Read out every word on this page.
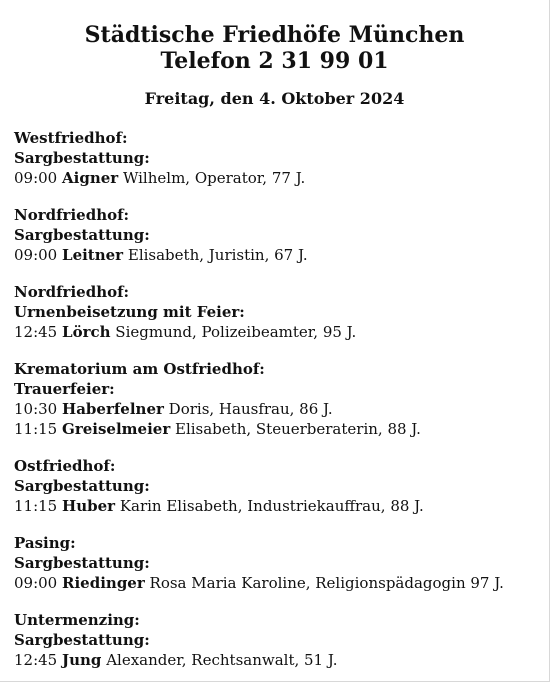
Städtische Friedhöfe München
Telefon 2 31 99 01
Freitag, den 4. Oktober 2024
Westfriedhof:
Sargbestattung:
09:00 Aigner Wilhelm, Operator, 77 J.
Nordfriedhof:
Sargbestattung:
09:00 Leitner Elisabeth, Juristin, 67 J.
Nordfriedhof:
Urnenbeisetzung mit Feier:
12:45 Lörch Siegmund, Polizeibeamter, 95 J.
Krematorium am Ostfriedhof:
Trauerfeier:
10:30 Haberfelner Doris, Hausfrau, 86 J.
11:15 Greiselmeier Elisabeth, Steuerberaterin, 88 J.
Ostfriedhof:
Sargbestattung:
11:15 Huber Karin Elisabeth, Industriekauffrau, 88 J.
Pasing:
Sargbestattung:
09:00 Riedinger Rosa Maria Karoline, Religionspädagogin 97 J.
Untermenzing:
Sargbestattung:
12:45 Jung Alexander, Rechtsanwalt, 51 J.
